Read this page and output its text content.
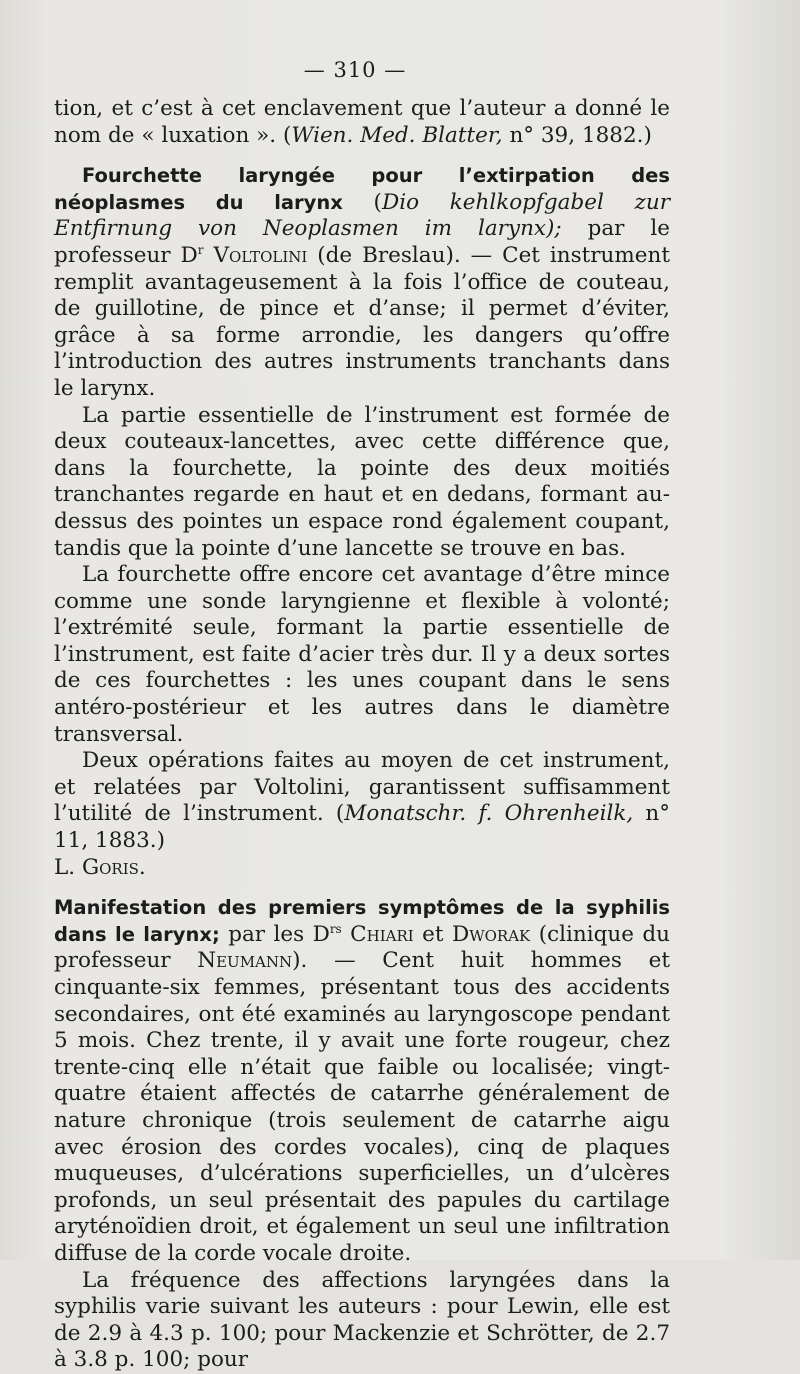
— 310 —

tion, et c’est à cet enclavement que l’auteur a donné le nom de « luxation ». (Wien. Med. Blatter, n° 39, 1882.)

Fourchette laryngée pour l’extirpation des néoplasmes du larynx (Dio kehlkopfgabel zur Entfirnung von Neoplasmen im larynx); par le professeur $D^r$ Voltolini (de Breslau). — Cet instrument remplit avantageusement à la fois l’office de couteau, de guillotine, de pince et d’anse; il permet d’éviter, grâce à sa forme arrondie, les dangers qu’offre l’introduction des autres instruments tranchants dans le larynx.

La partie essentielle de l’instrument est formée de deux couteaux-lancettes, avec cette différence que, dans la fourchette, la pointe des deux moitiés tranchantes regarde en haut et en dedans, formant au-dessus des pointes un espace rond également coupant, tandis que la pointe d’une lancette se trouve en bas.

La fourchette offre encore cet avantage d’être mince comme une sonde laryngienne et flexible à volonté; l’extrémité seule, formant la partie essentielle de l’instrument, est faite d’acier très dur. Il y a deux sortes de ces fourchettes : les unes coupant dans le sens antéro-postérieur et les autres dans le diamètre transversal.

Deux opérations faites au moyen de cet instrument, et relatées par Voltolini, garantissent suffisamment l’utilité de l’instrument. (Monatschr. f. Ohrenheilk, n° 11, 1883.)

L. Goris.

Manifestation des premiers symptômes de la syphilis dans le larynx; par les $D^{rs}$ Chiari et Dworak (clinique du professeur Neumann). — Cent huit hommes et cinquante-six femmes, présentant tous des accidents secondaires, ont été examinés au laryngoscope pendant 5 mois. Chez trente, il y avait une forte rougeur, chez trente-cinq elle n’était que faible ou localisée; vingt-quatre étaient affectés de catarrhe généralement de nature chronique (trois seulement de catarrhe aigu avec érosion des cordes vocales), cinq de plaques muqueuses, d’ulcérations superficielles, un d’ulcères profonds, un seul présentait des papules du cartilage aryténoïdien droit, et également un seul une infiltration diffuse de la corde vocale droite.

La fréquence des affections laryngées dans la syphilis varie suivant les auteurs : pour Lewin, elle est de 2.9 à 4.3 p. 100; pour Mackenzie et Schrötter, de 2.7 à 3.8 p. 100; pour
